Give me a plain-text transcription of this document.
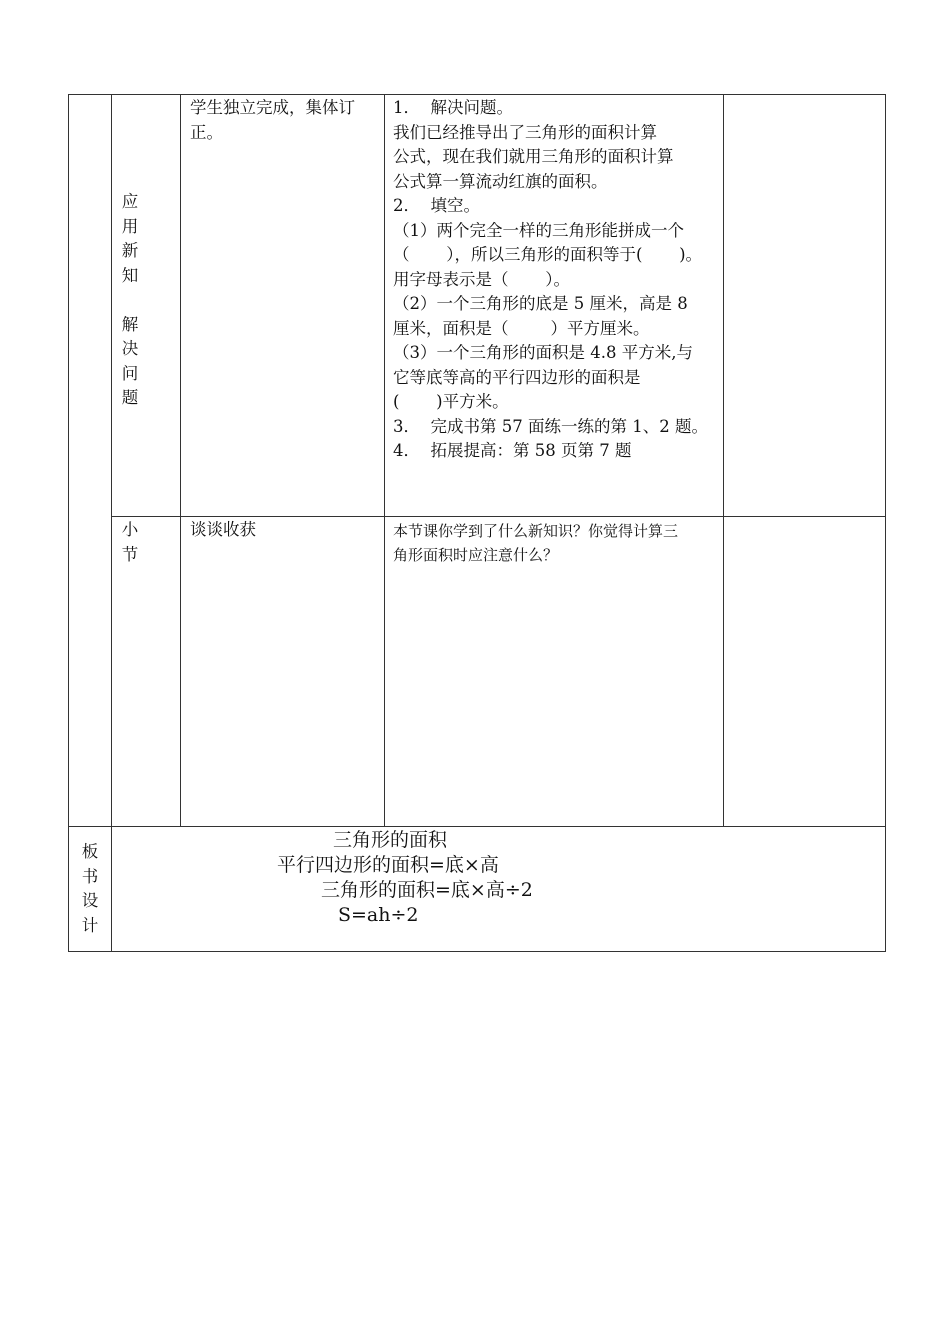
应
用
新
知
解
决
问
题

学生独立完成，集体订

正。

1．  解决问题。

我们已经推导出了三角形的面积计算

公式，现在我们就用三角形的面积计算

公式算一算流动红旗的面积。

2．  填空。

（1）两个完全一样的三角形能拼成一个

（       ），所以三角形的面积等于(       )。

用字母表示是（       ）。

（2）一个三角形的底是 5 厘米，高是 8

厘米，面积是（        ）平方厘米。

（3）一个三角形的面积是 4.8 平方米,与

它等底等高的平行四边形的面积是

(       )平方米。

3．  完成书第 57 面练一练的第 1、2 题。

4．  拓展提高：第 58 页第 7 题

小
节

谈谈收获	本节课你学到了什么新知识？你觉得计算三

角形面积时应注意什么？

板
书
设
计
三角形的面积
平行四边形的面积=底×高
三角形的面积=底×高÷2
S=ah÷2
